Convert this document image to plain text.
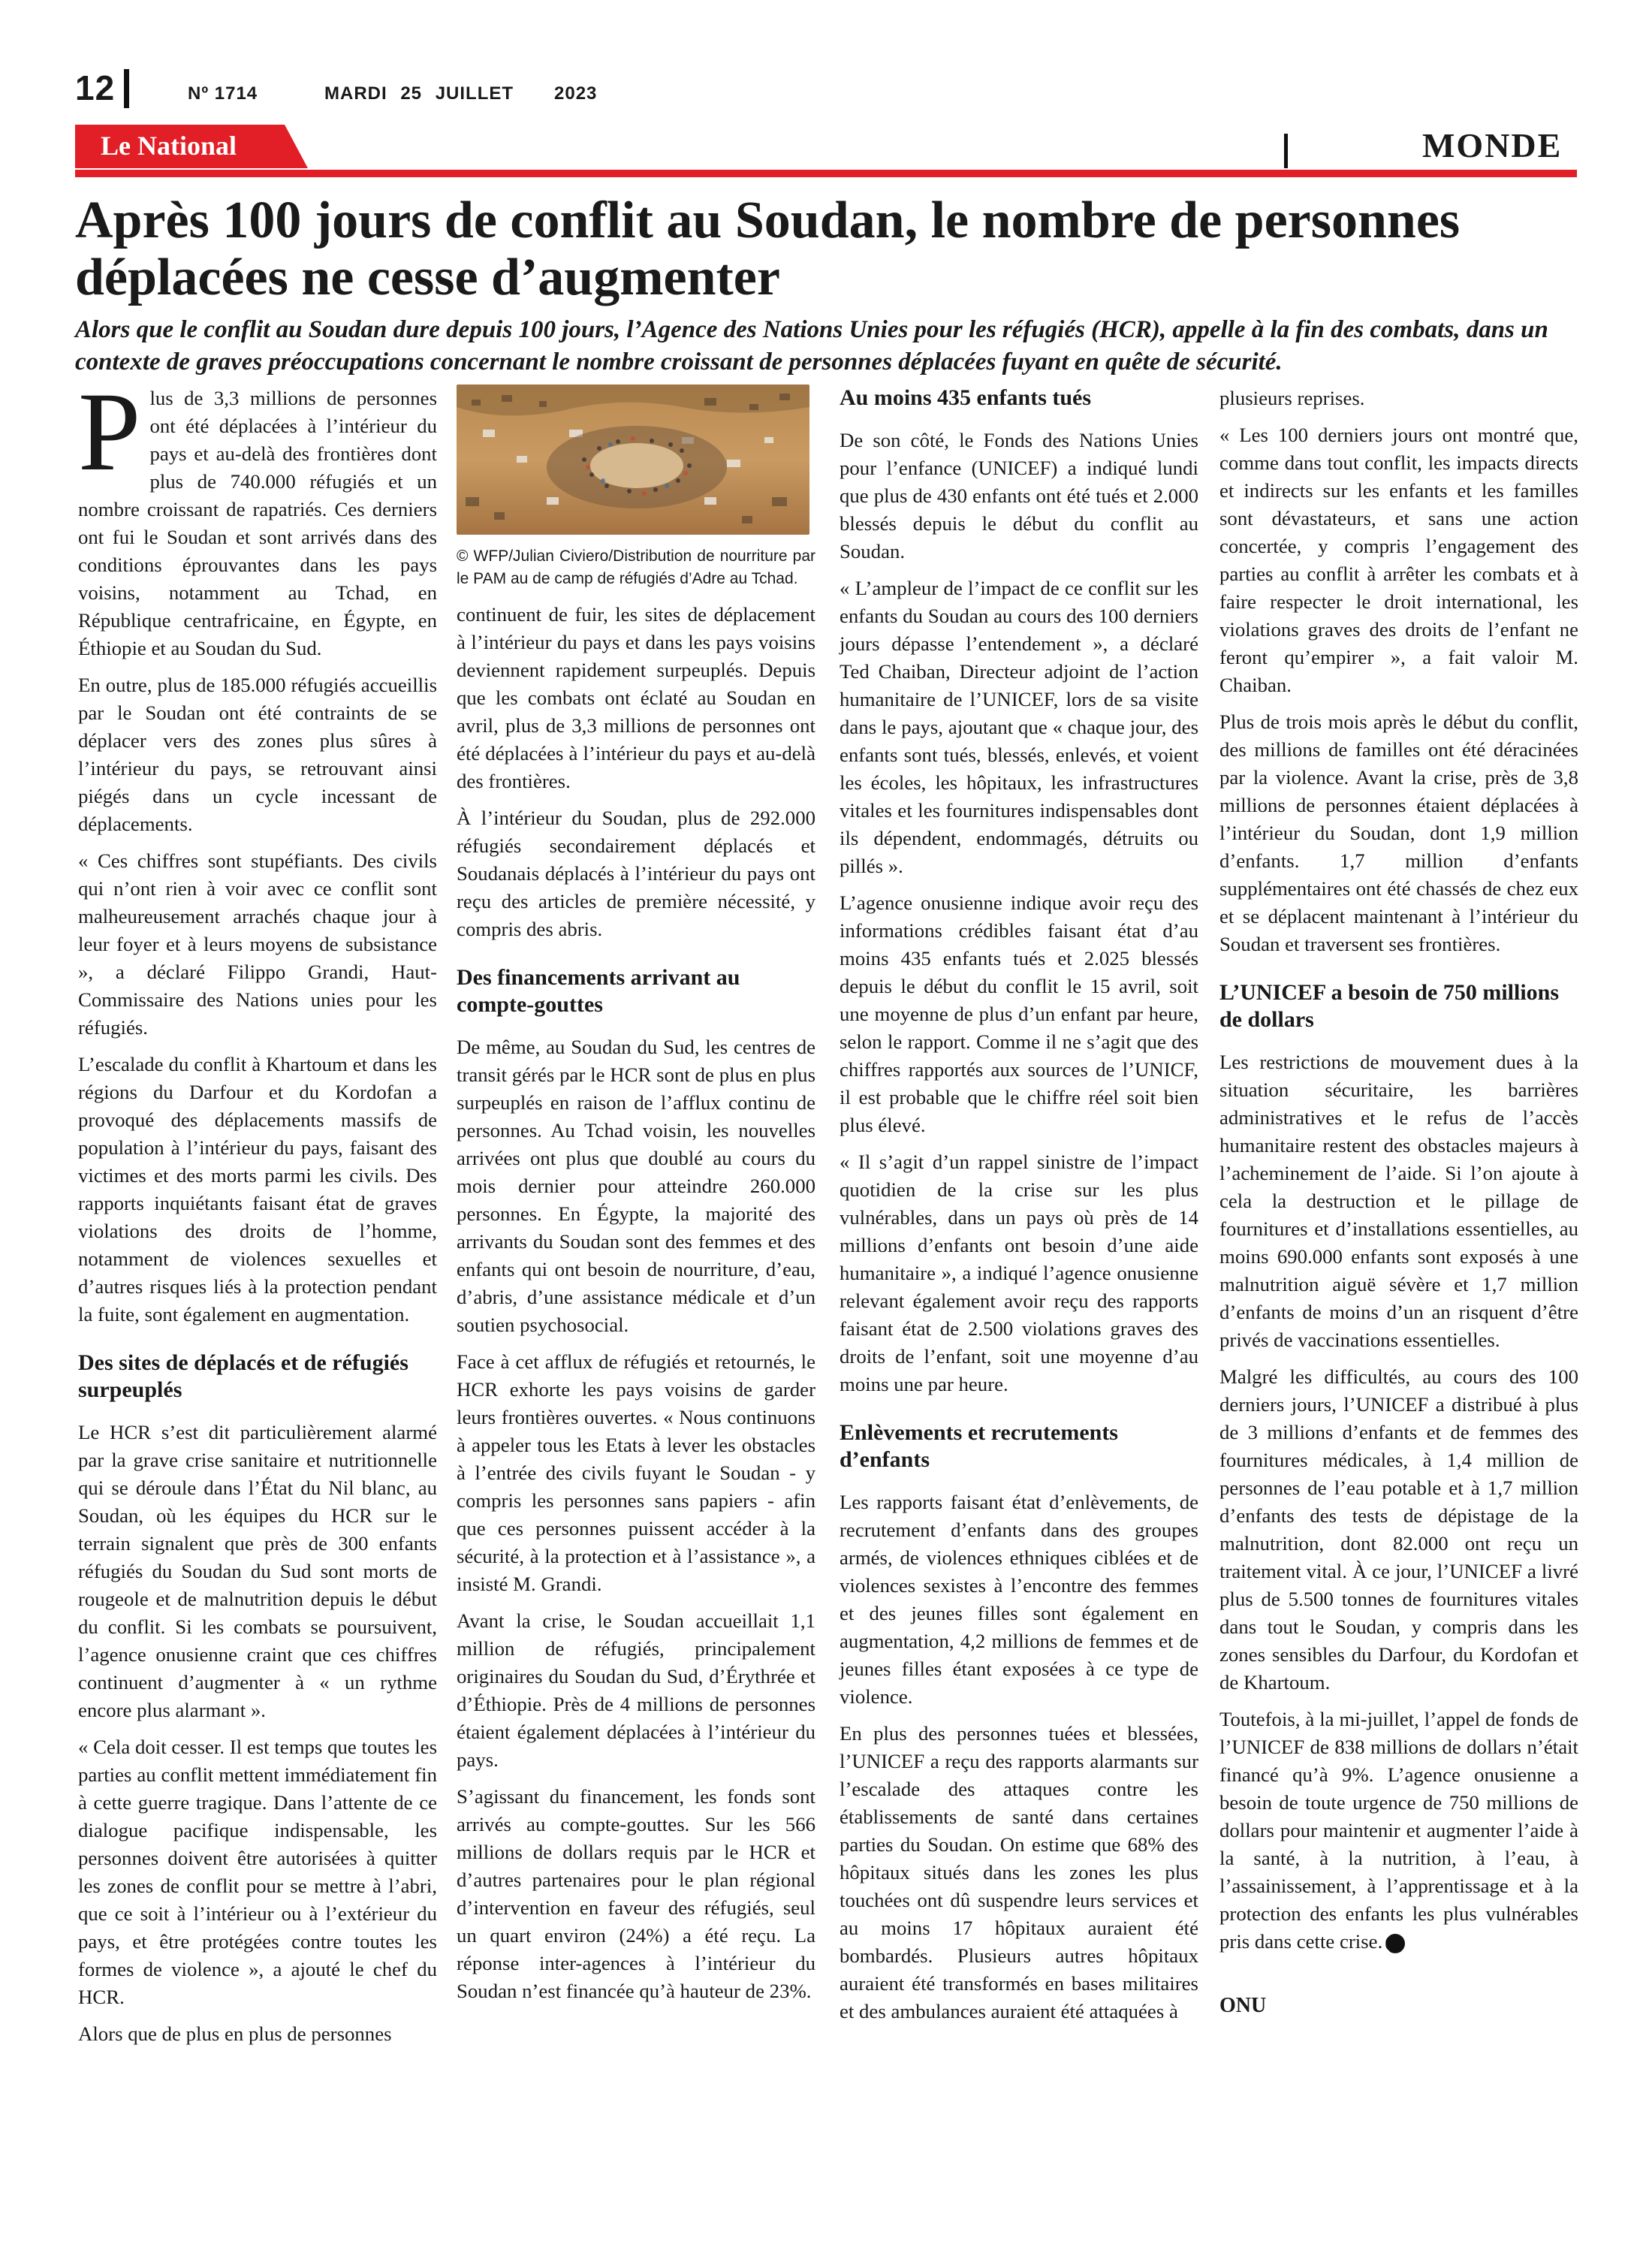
12	Nº 1714	MARDI 25 JUILLET 2023
Le National	MONDE
Après 100 jours de conflit au Soudan, le nombre de personnes déplacées ne cesse d’augmenter

Alors que le conflit au Soudan dure depuis 100 jours, l’Agence des Nations Unies pour les réfugiés (HCR), appelle à la fin des combats, dans un contexte de graves préoccupations concernant le nombre croissant de personnes déplacées fuyant en quête de sécurité.

Plus de 3,3 millions de personnes ont été déplacées à l’intérieur du pays et au-delà des frontières dont plus de 740.000 réfugiés et un nombre croissant de rapatriés. Ces derniers ont fui le Soudan et sont arrivés dans des conditions éprouvantes dans les pays voisins, notamment au Tchad, en République centrafricaine, en Égypte, en Éthiopie et au Soudan du Sud.

En outre, plus de 185.000 réfugiés accueillis par le Soudan ont été contraints de se déplacer vers des zones plus sûres à l’intérieur du pays, se retrouvant ainsi piégés dans un cycle incessant de déplacements.

« Ces chiffres sont stupéfiants. Des civils qui n’ont rien à voir avec ce conflit sont malheureusement arrachés chaque jour à leur foyer et à leurs moyens de subsistance », a déclaré Filippo Grandi, Haut-Commissaire des Nations unies pour les réfugiés.

L’escalade du conflit à Khartoum et dans les régions du Darfour et du Kordofan a provoqué des déplacements massifs de population à l’intérieur du pays, faisant des victimes et des morts parmi les civils. Des rapports inquiétants faisant état de graves violations des droits de l’homme, notamment de violences sexuelles et d’autres risques liés à la protection pendant la fuite, sont également en augmentation.

Des sites de déplacés et de réfugiés surpeuplés

Le HCR s’est dit particulièrement alarmé par la grave crise sanitaire et nutritionnelle qui se déroule dans l’État du Nil blanc, au Soudan, où les équipes du HCR sur le terrain signalent que près de 300 enfants réfugiés du Soudan du Sud sont morts de rougeole et de malnutrition depuis le début du conflit. Si les combats se poursuivent, l’agence onusienne craint que ces chiffres continuent d’augmenter à « un rythme encore plus alarmant ».

« Cela doit cesser. Il est temps que toutes les parties au conflit mettent immédiatement fin à cette guerre tragique. Dans l’attente de ce dialogue pacifique indispensable, les personnes doivent être autorisées à quitter les zones de conflit pour se mettre à l’abri, que ce soit à l’intérieur ou à l’extérieur du pays, et être protégées contre toutes les formes de violence », a ajouté le chef du HCR.

Alors que de plus en plus de personnes

© WFP/Julian Civiero/Distribution de nourriture par le PAM au de camp de réfugiés d’Adre au Tchad.

continuent de fuir, les sites de déplacement à l’intérieur du pays et dans les pays voisins deviennent rapidement surpeuplés. Depuis que les combats ont éclaté au Soudan en avril, plus de 3,3 millions de personnes ont été déplacées à l’intérieur du pays et au-delà des frontières.

À l’intérieur du Soudan, plus de 292.000 réfugiés secondairement déplacés et Soudanais déplacés à l’intérieur du pays ont reçu des articles de première nécessité, y compris des abris.

Des financements arrivant au compte-gouttes

De même, au Soudan du Sud, les centres de transit gérés par le HCR sont de plus en plus surpeuplés en raison de l’afflux continu de personnes. Au Tchad voisin, les nouvelles arrivées ont plus que doublé au cours du mois dernier pour atteindre 260.000 personnes. En Égypte, la majorité des arrivants du Soudan sont des femmes et des enfants qui ont besoin de nourriture, d’eau, d’abris, d’une assistance médicale et d’un soutien psychosocial.

Face à cet afflux de réfugiés et retournés, le HCR exhorte les pays voisins de garder leurs frontières ouvertes. « Nous continuons à appeler tous les Etats à lever les obstacles à l’entrée des civils fuyant le Soudan - y compris les personnes sans papiers - afin que ces personnes puissent accéder à la sécurité, à la protection et à l’assistance », a insisté M. Grandi.

Avant la crise, le Soudan accueillait 1,1 million de réfugiés, principalement originaires du Soudan du Sud, d’Érythrée et d’Éthiopie. Près de 4 millions de personnes étaient également déplacées à l’intérieur du pays.

S’agissant du financement, les fonds sont arrivés au compte-gouttes. Sur les 566 millions de dollars requis par le HCR et d’autres partenaires pour le plan régional d’intervention en faveur des réfugiés, seul un quart environ (24%) a été reçu. La réponse inter-agences à l’intérieur du Soudan n’est financée qu’à hauteur de 23%.

Au moins 435 enfants tués

De son côté, le Fonds des Nations Unies pour l’enfance (UNICEF) a indiqué lundi que plus de 430 enfants ont été tués et 2.000 blessés depuis le début du conflit au Soudan.

« L’ampleur de l’impact de ce conflit sur les enfants du Soudan au cours des 100 derniers jours dépasse l’entendement », a déclaré Ted Chaiban, Directeur adjoint de l’action humanitaire de l’UNICEF, lors de sa visite dans le pays, ajoutant que « chaque jour, des enfants sont tués, blessés, enlevés, et voient les écoles, les hôpitaux, les infrastructures vitales et les fournitures indispensables dont ils dépendent, endommagés, détruits ou pillés ».

L’agence onusienne indique avoir reçu des informations crédibles faisant état d’au moins 435 enfants tués et 2.025 blessés depuis le début du conflit le 15 avril, soit une moyenne de plus d’un enfant par heure, selon le rapport. Comme il ne s’agit que des chiffres rapportés aux sources de l’UNICF, il est probable que le chiffre réel soit bien plus élevé.

« Il s’agit d’un rappel sinistre de l’impact quotidien de la crise sur les plus vulnérables, dans un pays où près de 14 millions d’enfants ont besoin d’une aide humanitaire », a indiqué l’agence onusienne relevant également avoir reçu des rapports faisant état de 2.500 violations graves des droits de l’enfant, soit une moyenne d’au moins une par heure.

Enlèvements et recrutements d’enfants

Les rapports faisant état d’enlèvements, de recrutement d’enfants dans des groupes armés, de violences ethniques ciblées et de violences sexistes à l’encontre des femmes et des jeunes filles sont également en augmentation, 4,2 millions de femmes et de jeunes filles étant exposées à ce type de violence.

En plus des personnes tuées et blessées, l’UNICEF a reçu des rapports alarmants sur l’escalade des attaques contre les établissements de santé dans certaines parties du Soudan. On estime que 68% des hôpitaux situés dans les zones les plus touchées ont dû suspendre leurs services et au moins 17 hôpitaux auraient été bombardés. Plusieurs autres hôpitaux auraient été transformés en bases militaires et des ambulances auraient été attaquées à

plusieurs reprises.

« Les 100 derniers jours ont montré que, comme dans tout conflit, les impacts directs et indirects sur les enfants et les familles sont dévastateurs, et sans une action concertée, y compris l’engagement des parties au conflit à arrêter les combats et à faire respecter le droit international, les violations graves des droits de l’enfant ne feront qu’empirer », a fait valoir M. Chaiban.

Plus de trois mois après le début du conflit, des millions de familles ont été déracinées par la violence. Avant la crise, près de 3,8 millions de personnes étaient déplacées à l’intérieur du Soudan, dont 1,9 million d’enfants. 1,7 million d’enfants supplémentaires ont été chassés de chez eux et se déplacent maintenant à l’intérieur du Soudan et traversent ses frontières.

L’UNICEF a besoin de 750 millions de dollars

Les restrictions de mouvement dues à la situation sécuritaire, les barrières administratives et le refus de l’accès humanitaire restent des obstacles majeurs à l’acheminement de l’aide. Si l’on ajoute à cela la destruction et le pillage de fournitures et d’installations essentielles, au moins 690.000 enfants sont exposés à une malnutrition aiguë sévère et 1,7 million d’enfants de moins d’un an risquent d’être privés de vaccinations essentielles.

Malgré les difficultés, au cours des 100 derniers jours, l’UNICEF a distribué à plus de 3 millions d’enfants et de femmes des fournitures médicales, à 1,4 million de personnes de l’eau potable et à 1,7 million d’enfants des tests de dépistage de la malnutrition, dont 82.000 ont reçu un traitement vital. À ce jour, l’UNICEF a livré plus de 5.500 tonnes de fournitures vitales dans tout le Soudan, y compris dans les zones sensibles du Darfour, du Kordofan et de Khartoum.

Toutefois, à la mi-juillet, l’appel de fonds de l’UNICEF de 838 millions de dollars n’était financé qu’à 9%. L’agence onusienne a besoin de toute urgence de 750 millions de dollars pour maintenir et augmenter l’aide à la santé, à la nutrition, à l’eau, à l’assainissement, à l’apprentissage et à la protection des enfants les plus vulnérables pris dans cette crise.

ONU
